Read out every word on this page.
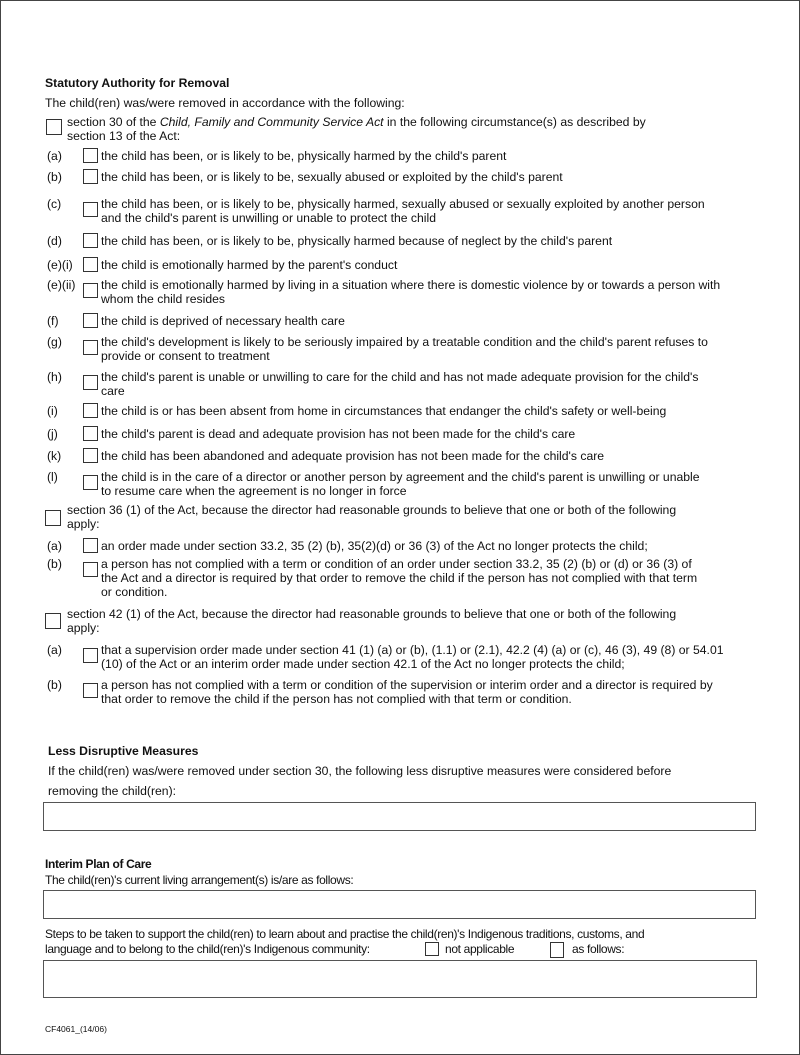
Statutory Authority for Removal
The child(ren) was/were removed in accordance with the following:
section 30 of the Child, Family and Community Service Act in the following circumstance(s) as described by
section 13 of the Act:
(a)	the child has been, or is likely to be, physically harmed by the child's parent
(b)	the child has been, or is likely to be, sexually abused or exploited by the child's parent
(c)	the child has been, or is likely to be, physically harmed, sexually abused or sexually exploited by another person
and the child's parent is unwilling or unable to protect the child
(d)	the child has been, or is likely to be, physically harmed because of neglect by the child's parent
(e)(i) the child is emotionally harmed by the parent's conduct
(e)(ii) the child is emotionally harmed by living in a situation where there is domestic violence by or towards a person with
whom the child resides
(f)	the child is deprived of necessary health care
(g)	the child's development is likely to be seriously impaired by a treatable condition and the child's parent refuses to
provide or consent to treatment
(h)	the child's parent is unable or unwilling to care for the child and has not made adequate provision for the child's
care
(i)	the child is or has been absent from home in circumstances that endanger the child's safety or well-being
(j)	the child's parent is dead and adequate provision has not been made for the child's care
(k)	the child has been abandoned and adequate provision has not been made for the child's care
(l)	the child is in the care of a director or another person by agreement and the child's parent is unwilling or unable
to resume care when the agreement is no longer in force
section 36 (1) of the Act, because the director had reasonable grounds to believe that one or both of the following
apply:
(a)	an order made under section 33.2, 35 (2) (b), 35(2)(d) or 36 (3) of the Act no longer protects the child;
(b)	a person has not complied with a term or condition of an order under section 33.2, 35 (2) (b) or (d) or 36 (3) of
the Act and a director is required by that order to remove the child if the person has not complied with that term
or condition.
section 42 (1) of the Act, because the director had reasonable grounds to believe that one or both of the following
apply:
(a)	that a supervision order made under section 41 (1) (a) or (b), (1.1) or (2.1), 42.2 (4) (a) or (c), 46 (3), 49 (8) or 54.01
(10) of the Act or an interim order made under section 42.1 of the Act no longer protects the child;
(b)	a person has not complied with a term or condition of the supervision or interim order and a director is required by
that order to remove the child if the person has not complied with that term or condition.
Less Disruptive Measures
If the child(ren) was/were removed under section 30, the following less disruptive measures were considered before
removing the child(ren):
Interim Plan of Care
The child(ren)'s current living arrangement(s) is/are as follows:
Steps to be taken to support the child(ren) to learn about and practise the child(ren)'s Indigenous traditions, customs, and
language and to belong to the child(ren)'s Indigenous community:	not applicable	as follows:
CF4061_(14/06)
